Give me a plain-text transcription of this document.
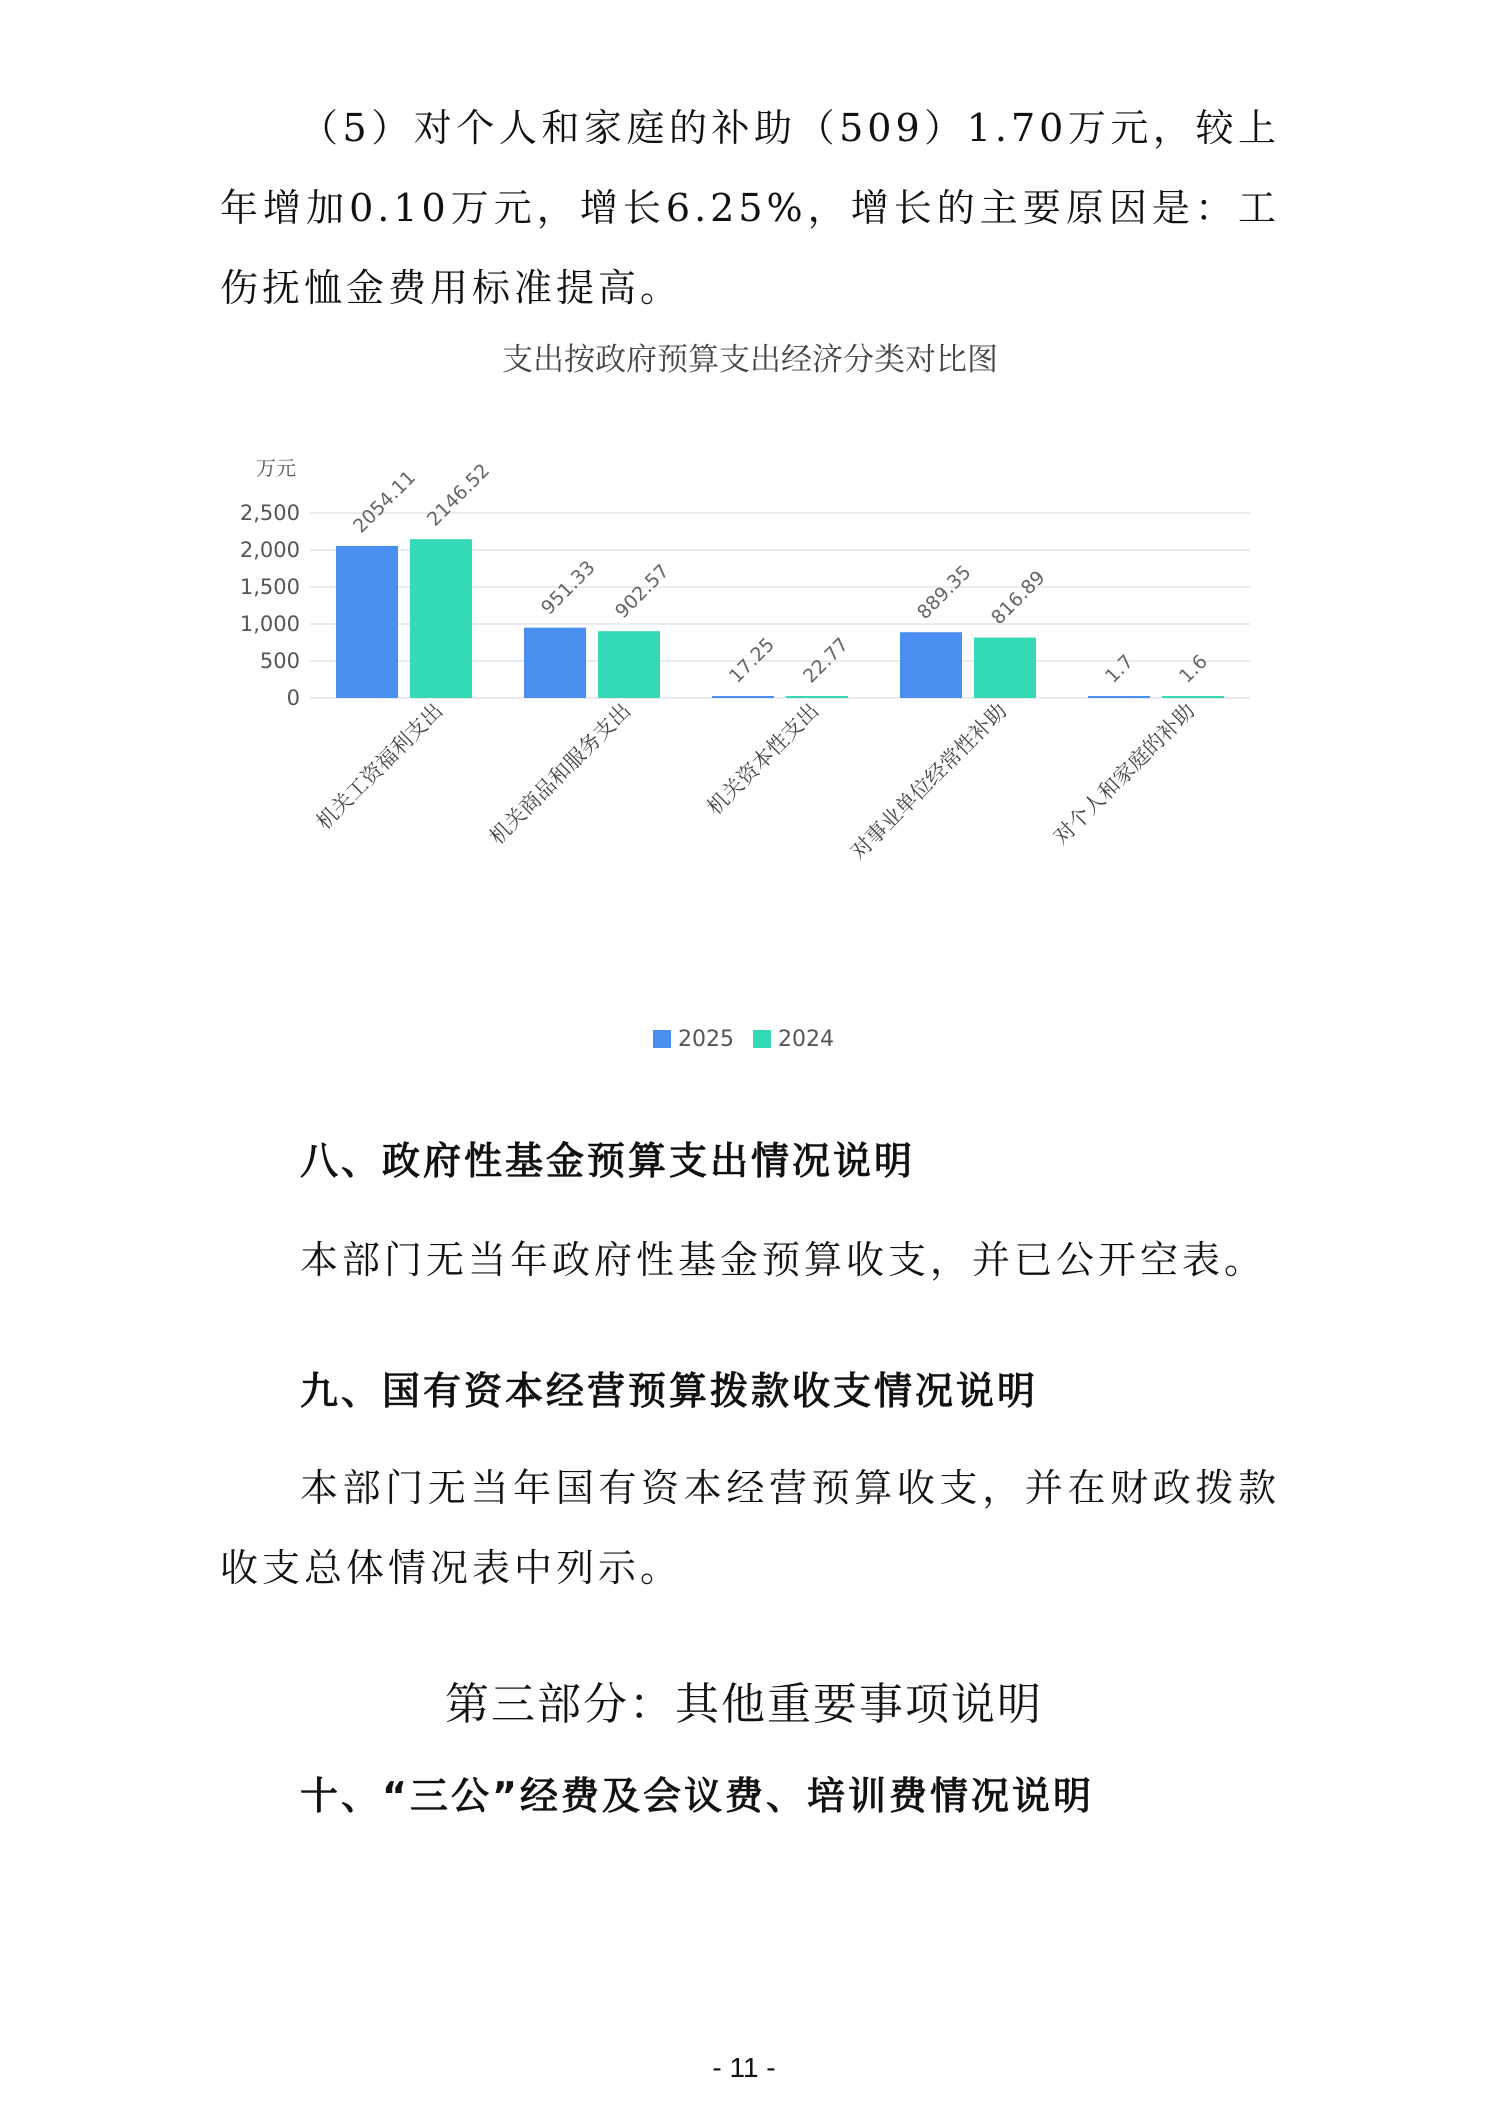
（5）对个人和家庭的补助（509）1.70万元，较上年增加0.10万元，增长6.25%，增长的主要原因是：工伤抚恤金费用标准提高。

支出按政府预算支出经济分类对比图
万元
0
500
1,000
1,500
2,000
2,500	2054.11 2146.52
951.33 902.57
17.25 22.77
889.35 816.89
1.7 1.6
机关工资福利支出 机关商品和服务支出	机关资本性支出 对事业单位经常性补助 对个人和家庭的补助
2025 2024
八、政府性基金预算支出情况说明

本部门无当年政府性基金预算收支，并已公开空表。

九、国有资本经营预算拨款收支情况说明

本部门无当年国有资本经营预算收支，并在财政拨款收支总体情况表中列示。

第三部分：其他重要事项说明
十、“三公”经费及会议费、培训费情况说明
- 11 -
